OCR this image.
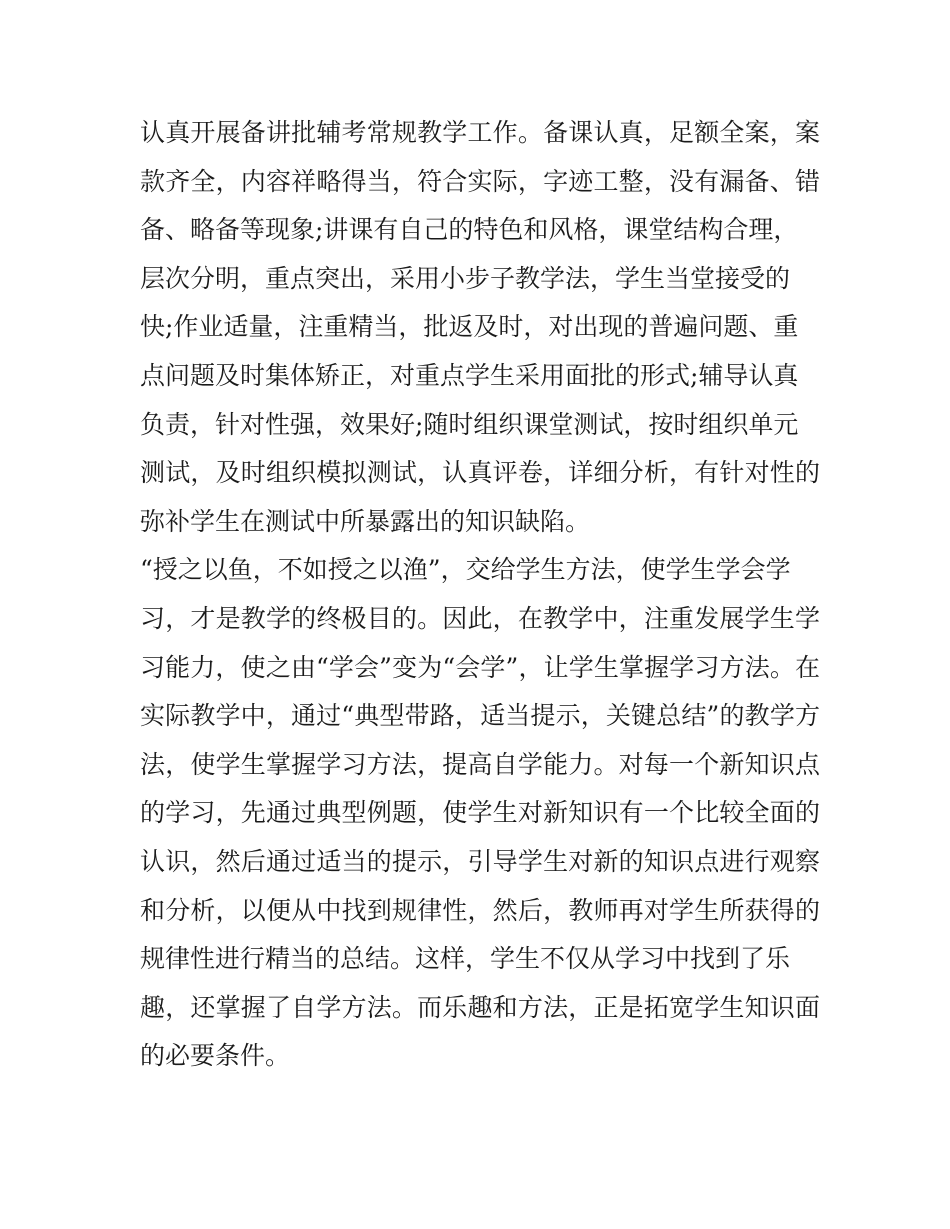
认真开展备讲批辅考常规教学工作。备课认真，足额全案，案
款齐全，内容祥略得当，符合实际，字迹工整，没有漏备、错
备、略备等现象;讲课有自己的特色和风格，课堂结构合理，
层次分明，重点突出，采用小步子教学法，学生当堂接受的
快;作业适量，注重精当，批返及时，对出现的普遍问题、重
点问题及时集体矫正，对重点学生采用面批的形式;辅导认真
负责，针对性强，效果好;随时组织课堂测试，按时组织单元
测试，及时组织模拟测试，认真评卷，详细分析，有针对性的
弥补学生在测试中所暴露出的知识缺陷。
“授之以鱼，不如授之以渔”，交给学生方法，使学生学会学
习，才是教学的终极目的。因此，在教学中，注重发展学生学
习能力，使之由“学会”变为“会学”，让学生掌握学习方法。在
实际教学中，通过“典型带路，适当提示，关键总结”的教学方
法，使学生掌握学习方法，提高自学能力。对每一个新知识点
的学习，先通过典型例题，使学生对新知识有一个比较全面的
认识，然后通过适当的提示，引导学生对新的知识点进行观察
和分析，以便从中找到规律性，然后，教师再对学生所获得的
规律性进行精当的总结。这样，学生不仅从学习中找到了乐
趣，还掌握了自学方法。而乐趣和方法，正是拓宽学生知识面
的必要条件。
